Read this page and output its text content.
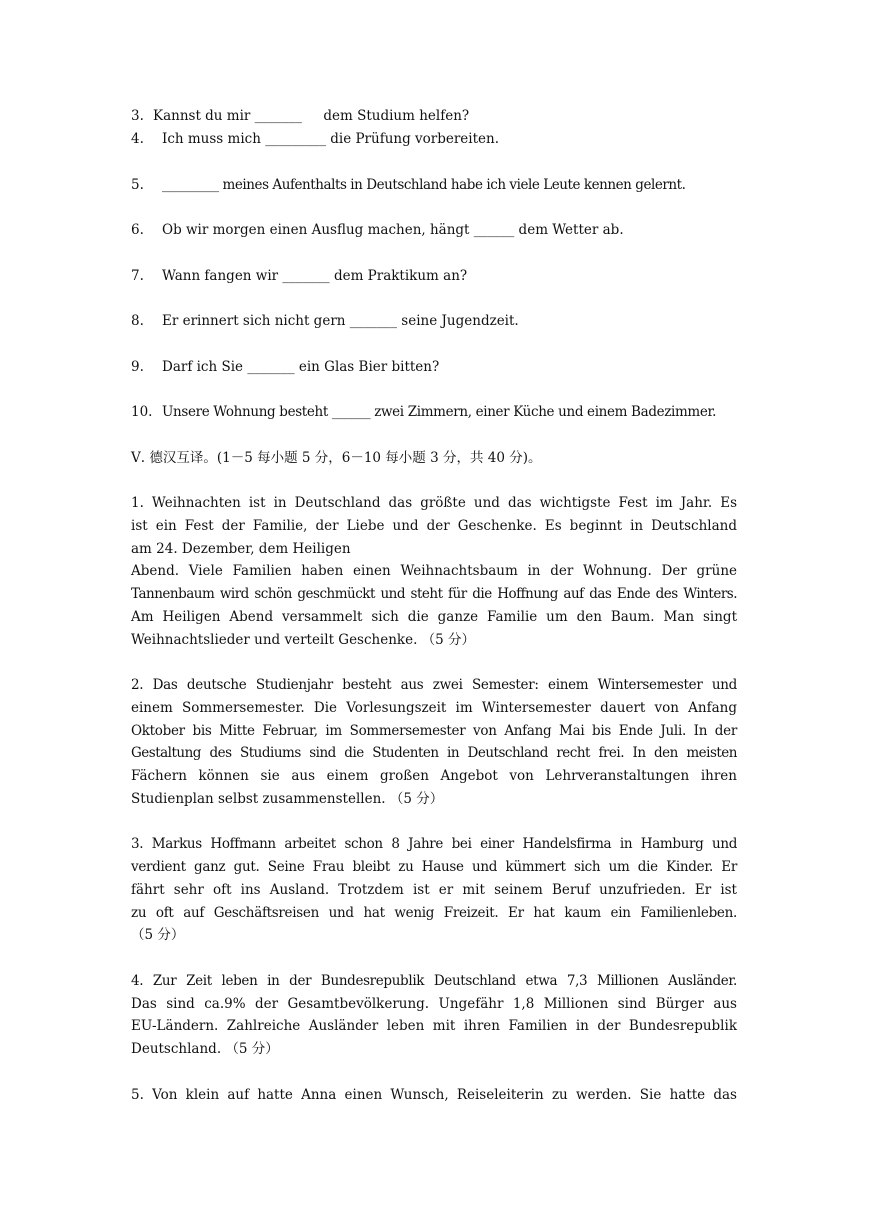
3. Kannst du mir _______     dem Studium helfen?
4. Ich muss mich _________ die Prüfung vorbereiten.
5. _________ meines Aufenthalts in Deutschland habe ich viele Leute kennen gelernt.
6. Ob wir morgen einen Ausflug machen, hängt ______ dem Wetter ab.
7. Wann fangen wir _______ dem Praktikum an?
8. Er erinnert sich nicht gern _______ seine Jugendzeit.
9. Darf ich Sie _______ ein Glas Bier bitten?
10. Unsere Wohnung besteht ______ zwei Zimmern, einer Küche und einem Badezimmer.
Ⅴ. 德汉互译。(1－5 每小题 5 分，6－10 每小题 3 分，共 40 分)。
1. Weihnachten ist in Deutschland das größte und das wichtigste Fest im Jahr. Es
ist ein Fest der Familie, der Liebe und der Geschenke. Es beginnt in Deutschland
am 24. Dezember, dem Heiligen
Abend. Viele Familien haben einen Weihnachtsbaum in der Wohnung. Der grüne
Tannenbaum wird schön geschmückt und steht für die Hoffnung auf das Ende des Winters.
Am Heiligen Abend versammelt sich die ganze Familie um den Baum. Man singt
Weihnachtslieder und verteilt Geschenke. （5 分）
2. Das deutsche Studienjahr besteht aus zwei Semester: einem Wintersemester und
einem Sommersemester. Die Vorlesungszeit im Wintersemester dauert von Anfang
Oktober bis Mitte Februar, im Sommersemester von Anfang Mai bis Ende Juli. In der
Gestaltung des Studiums sind die Studenten in Deutschland recht frei. In den meisten
Fächern können sie aus einem großen Angebot von Lehrveranstaltungen ihren
Studienplan selbst zusammenstellen. （5 分）
3. Markus Hoffmann arbeitet schon 8 Jahre bei einer Handelsfirma in Hamburg und
verdient ganz gut. Seine Frau bleibt zu Hause und kümmert sich um die Kinder. Er
fährt sehr oft ins Ausland. Trotzdem ist er mit seinem Beruf unzufrieden. Er ist
zu oft auf Geschäftsreisen und hat wenig Freizeit. Er hat kaum ein Familienleben.
（5 分）
4. Zur Zeit leben in der Bundesrepublik Deutschland etwa 7,3 Millionen Ausländer.
Das sind ca.9% der Gesamtbevölkerung. Ungefähr 1,8 Millionen sind Bürger aus
EU-Ländern. Zahlreiche Ausländer leben mit ihren Familien in der Bundesrepublik
Deutschland. （5 分）
5. Von klein auf hatte Anna einen Wunsch, Reiseleiterin zu werden. Sie hatte das
